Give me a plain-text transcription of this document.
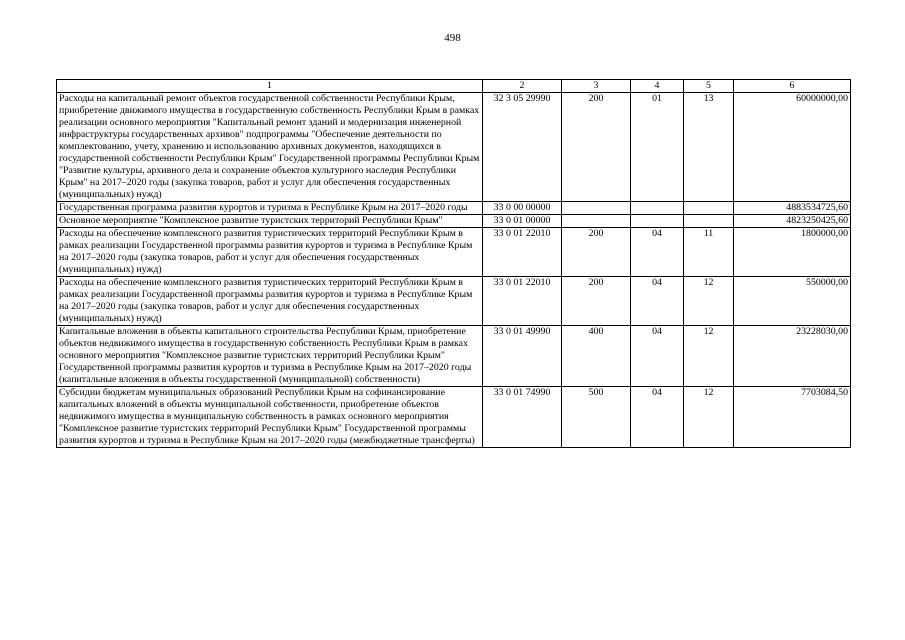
498
1	2	3	4	5	6
Расходы на капитальный ремонт объектов государственной собственности Республики Крым, приобретение движимого имущества в государственную собственность Республики Крым в рамках реализации основного мероприятия "Капитальный ремонт зданий и модернизация инженерной инфраструктуры государственных архивов" подпрограммы "Обеспечение деятельности по комплектованию, учету, хранению и использованию архивных документов, находящихся в государственной собственности Республики Крым" Государственной программы Республики Крым "Развитие культуры, архивного дела и сохранение объектов культурного наследия Республики Крым" на 2017–2020 годы (закупка товаров, работ и услуг для обеспечения государственных (муниципальных) нужд)	32 3 05 29990	200	01	13	60000000,00
Государственная программа развития курортов и туризма в Республике Крым на 2017–2020 годы	33 0 00 00000				4883534725,60
Основное мероприятие "Комплексное развитие туристских территорий Республики Крым"	33 0 01 00000				4823250425,60
Расходы на обеспечение комплексного развития туристических территорий Республики Крым в рамках реализации Государственной программы развития курортов и туризма в Республике Крым на 2017–2020 годы (закупка товаров, работ и услуг для обеспечения государственных (муниципальных) нужд)	33 0 01 22010	200	04	11	1800000,00
Расходы на обеспечение комплексного развития туристических территорий Республики Крым в рамках реализации Государственной программы развития курортов и туризма в Республике Крым на 2017–2020 годы (закупка товаров, работ и услуг для обеспечения государственных (муниципальных) нужд)	33 0 01 22010	200	04	12	550000,00
Капитальные вложения в объекты капитального строительства Республики Крым, приобретение объектов недвижимого имущества в государственную собственность Республики Крым в рамках основного мероприятия "Комплексное развитие туристских территорий Республики Крым" Государственной программы развития курортов и туризма в Республике Крым на 2017–2020 годы (капитальные вложения в объекты государственной (муниципальной) собственности)	33 0 01 49990	400	04	12	23228030,00
Субсидии бюджетам муниципальных образований Республики Крым на софинансирование капитальных вложений в объекты муниципальной собственности, приобретение объектов недвижимого имущества в муниципальную собственность в рамках основного мероприятия "Комплексное развитие туристских территорий Республики Крым" Государственной программы развития курортов и туризма в Республике Крым на 2017–2020 годы (межбюджетные трансферты)	33 0 01 74990	500	04	12	7703084,50
